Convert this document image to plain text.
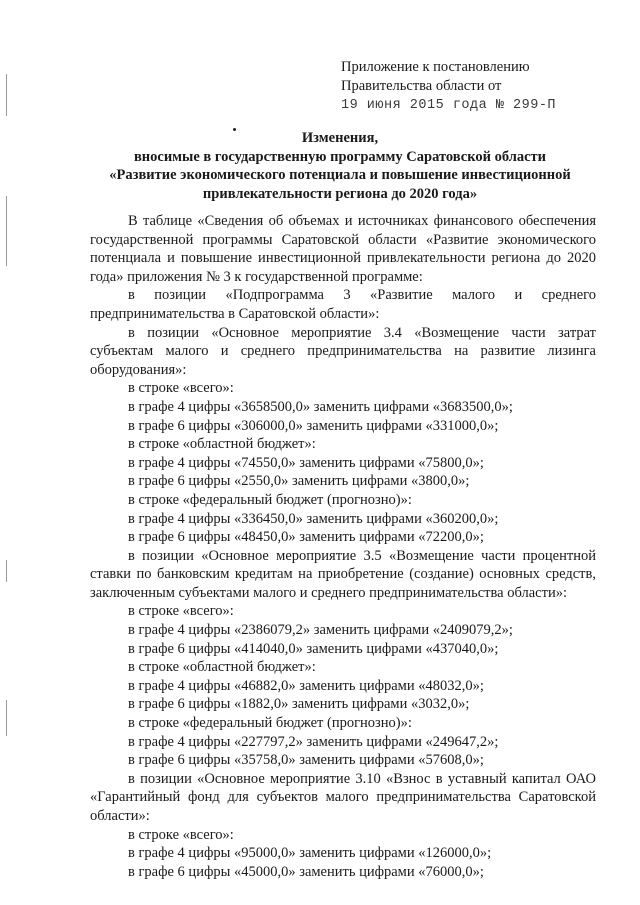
Приложение к постановлению
Правительства области от
19 июня 2015 года № 299-П
Изменения,
вносимые в государственную программу Саратовской области
«Развитие экономического потенциала и повышение инвестиционной
привлекательности региона до 2020 года»

В таблице «Сведения об объемах и источниках финансового обеспечения государственной программы Саратовской области «Развитие экономического потенциала и повышение инвестиционной привлекательности региона до 2020 года» приложения № 3 к государственной программе:

в позиции «Подпрограмма 3 «Развитие малого и среднего предпринимательства в Саратовской области»:

в позиции «Основное мероприятие 3.4 «Возмещение части затрат субъектам малого и среднего предпринимательства на развитие лизинга оборудования»:

в строке «всего»:

в графе 4 цифры «3658500,0» заменить цифрами «3683500,0»;

в графе 6 цифры «306000,0» заменить цифрами «331000,0»;

в строке «областной бюджет»:

в графе 4 цифры «74550,0» заменить цифрами «75800,0»;

в графе 6 цифры «2550,0» заменить цифрами «3800,0»;

в строке «федеральный бюджет (прогнозно)»:

в графе 4 цифры «336450,0» заменить цифрами «360200,0»;

в графе 6 цифры «48450,0» заменить цифрами «72200,0»;

в позиции «Основное мероприятие 3.5 «Возмещение части процентной ставки по банковским кредитам на приобретение (создание) основных средств, заключенным субъектами малого и среднего предпринимательства области»:

в строке «всего»:

в графе 4 цифры «2386079,2» заменить цифрами «2409079,2»;

в графе 6 цифры «414040,0» заменить цифрами «437040,0»;

в строке «областной бюджет»:

в графе 4 цифры «46882,0» заменить цифрами «48032,0»;

в графе 6 цифры «1882,0» заменить цифрами «3032,0»;

в строке «федеральный бюджет (прогнозно)»:

в графе 4 цифры «227797,2» заменить цифрами «249647,2»;

в графе 6 цифры «35758,0» заменить цифрами «57608,0»;

в позиции «Основное мероприятие 3.10 «Взнос в уставный капитал ОАО «Гарантийный фонд для субъектов малого предпринимательства Саратовской области»:

в строке «всего»:

в графе 4 цифры «95000,0» заменить цифрами «126000,0»;

в графе 6 цифры «45000,0» заменить цифрами «76000,0»;
